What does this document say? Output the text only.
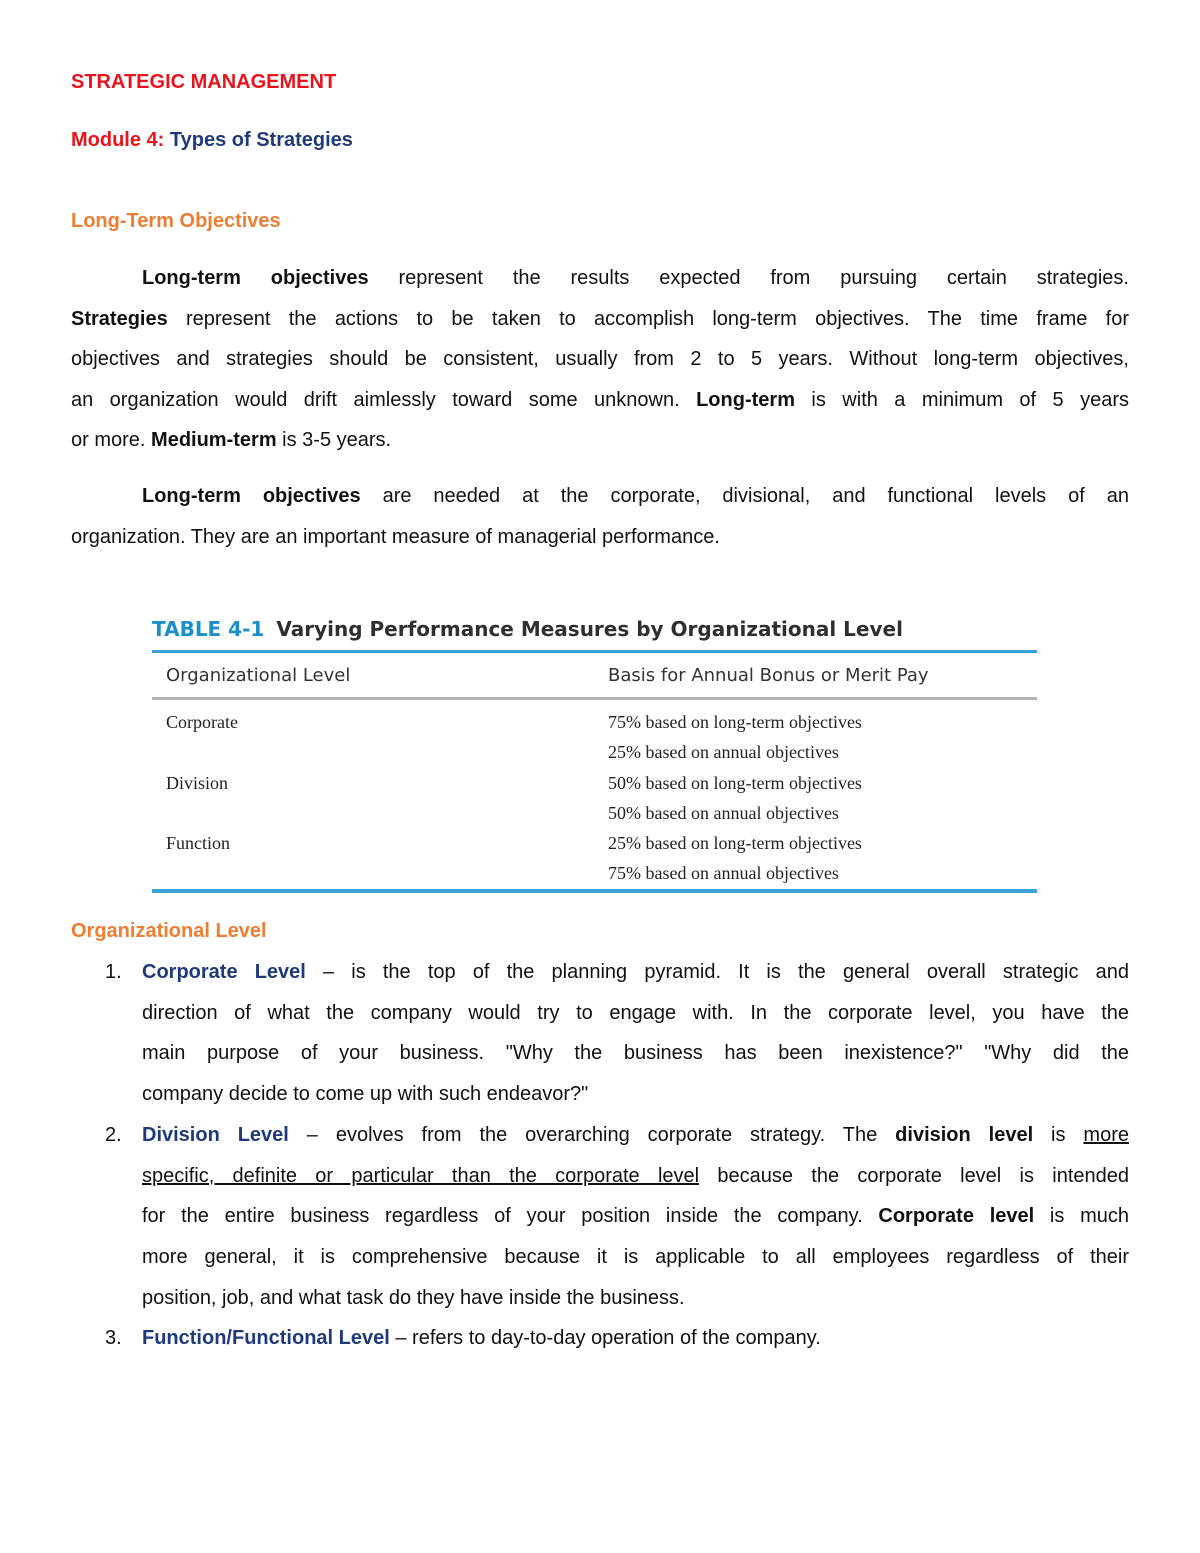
STRATEGIC MANAGEMENT
Module 4: Types of Strategies
Long-Term Objectives
Long-term objectives represent the results expected from pursuing certain strategies.
Strategies represent the actions to be taken to accomplish long-term objectives. The time frame for
objectives and strategies should be consistent, usually from 2 to 5 years. Without long-term objectives,
an organization would drift aimlessly toward some unknown. Long-term is with a minimum of 5 years
or more. Medium-term is 3-5 years.
Long-term objectives are needed at the corporate, divisional, and functional levels of an
organization. They are an important measure of managerial performance.
TABLE 4-1 Varying Performance Measures by Organizational Level
Organizational Level	Basis for Annual Bonus or Merit Pay
Corporate	75% based on long-term objectives
25% based on annual objectives
Division	50% based on long-term objectives
50% based on annual objectives
Function	25% based on long-term objectives
75% based on annual objectives
Organizational Level
1. Corporate Level – is the top of the planning pyramid. It is the general overall strategic and
direction of what the company would try to engage with. In the corporate level, you have the
main purpose of your business. "Why the business has been inexistence?" "Why did the
company decide to come up with such endeavor?"
2. Division Level – evolves from the overarching corporate strategy. The division level is more
specific, definite or particular than the corporate level because the corporate level is intended
for the entire business regardless of your position inside the company. Corporate level is much
more general, it is comprehensive because it is applicable to all employees regardless of their
position, job, and what task do they have inside the business.
3. Function/Functional Level – refers to day-to-day operation of the company.
